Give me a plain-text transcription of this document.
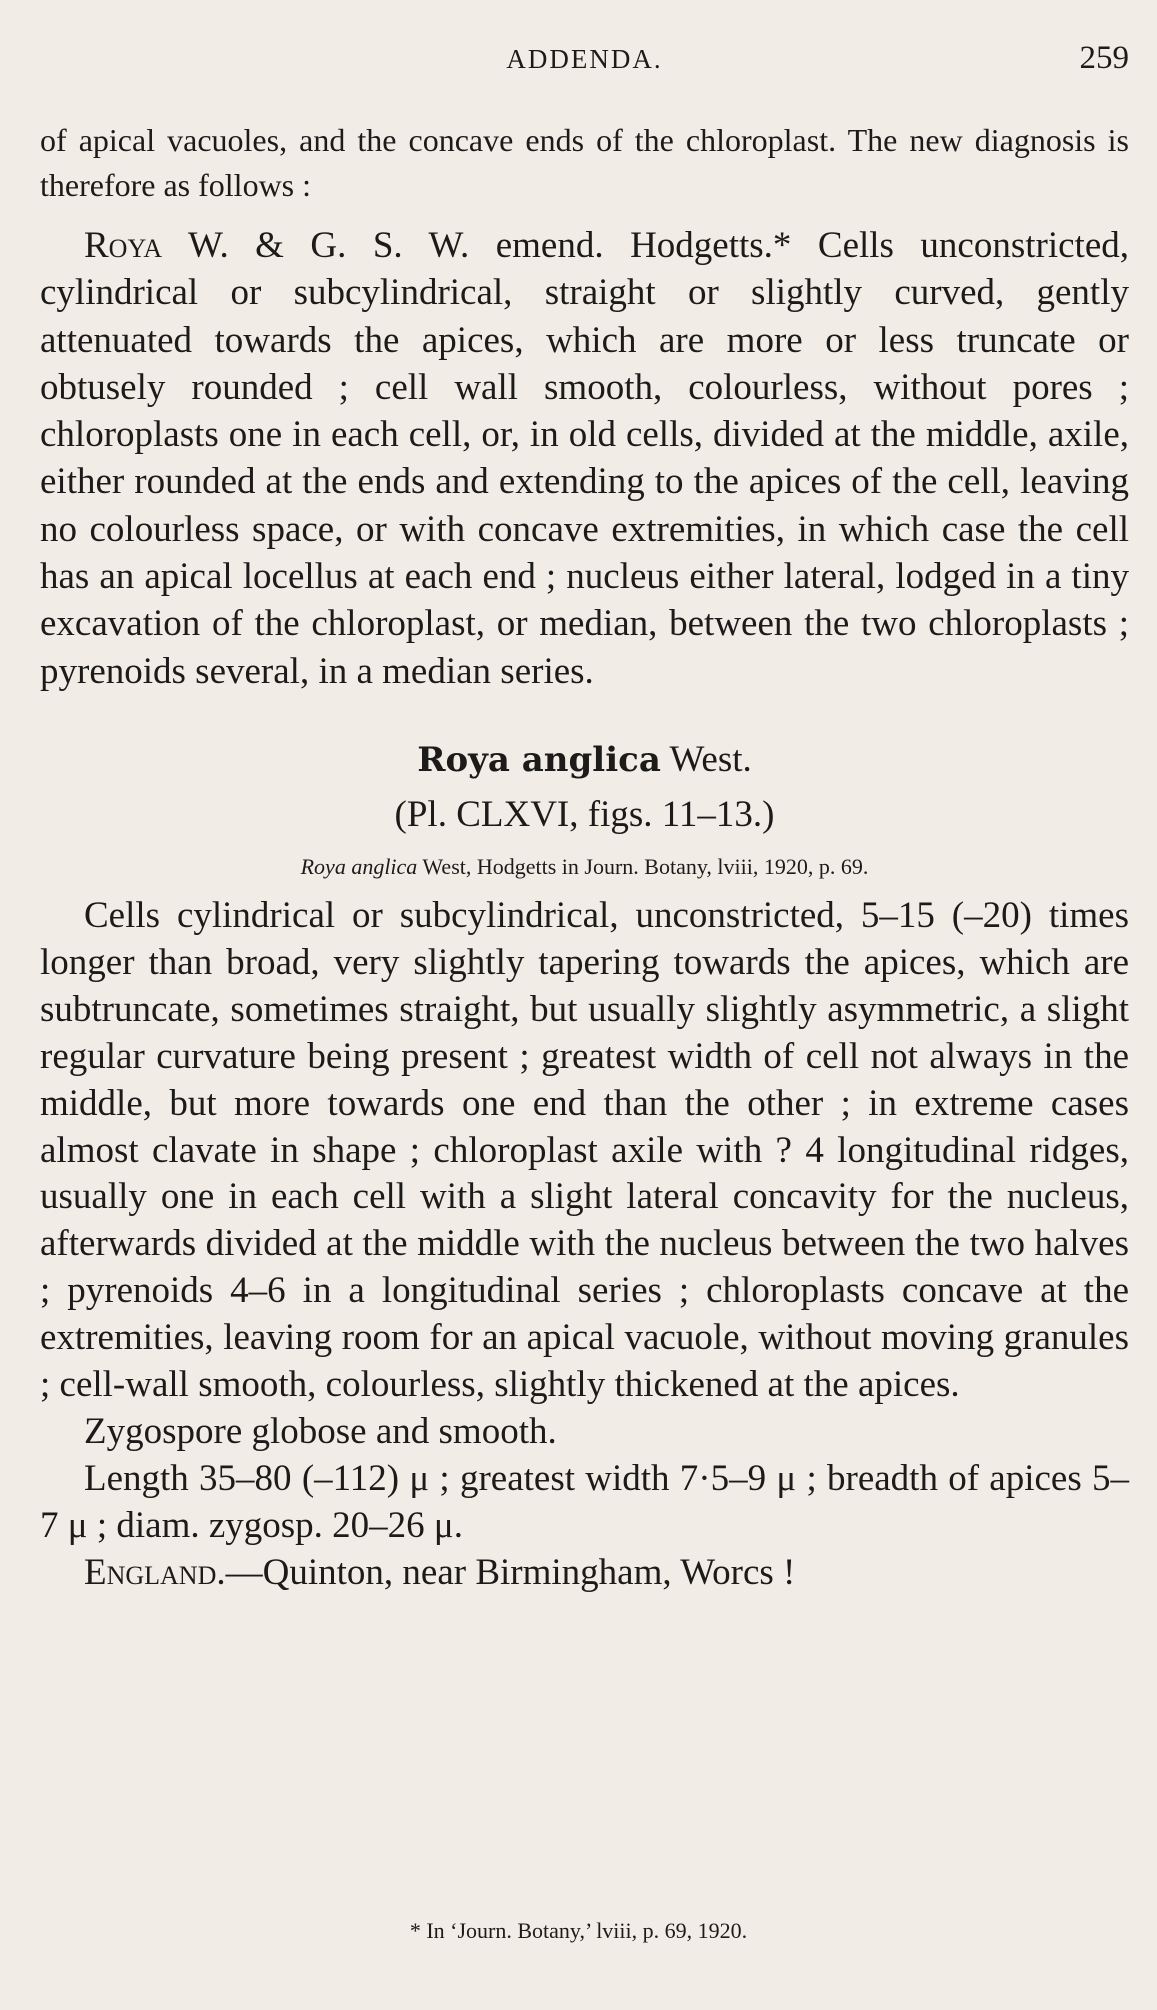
ADDENDA.	259

of apical vacuoles, and the concave ends of the chloroplast. The new diagnosis is therefore as follows :

Roya W. & G. S. W. emend. Hodgetts.* Cells unconstricted, cylindrical or subcylindrical, straight or slightly curved, gently attenuated towards the apices, which are more or less truncate or obtusely rounded ; cell wall smooth, colourless, without pores ; chloroplasts one in each cell, or, in old cells, divided at the middle, axile, either rounded at the ends and extending to the apices of the cell, leaving no colourless space, or with concave extremities, in which case the cell has an apical locellus at each end ; nucleus either lateral, lodged in a tiny excavation of the chloroplast, or median, between the two chloroplasts ; pyrenoids several, in a median series.

Roya anglica West.
(Pl. CLXVI, figs. 11–13.)
Roya anglica West, Hodgetts in Journ. Botany, lviii, 1920, p. 69.

Cells cylindrical or subcylindrical, unconstricted, 5–15 (–20) times longer than broad, very slightly tapering towards the apices, which are subtruncate, sometimes straight, but usually slightly asymmetric, a slight regular curvature being present ; greatest width of cell not always in the middle, but more towards one end than the other ; in extreme cases almost clavate in shape ; chloroplast axile with ? 4 longitudinal ridges, usually one in each cell with a slight lateral concavity for the nucleus, afterwards divided at the middle with the nucleus between the two halves ; pyrenoids 4–6 in a longitudinal series ; chloroplasts concave at the extremities, leaving room for an apical vacuole, without moving granules ; cell-wall smooth, colourless, slightly thickened at the apices.

Zygospore globose and smooth.

Length 35–80 (–112) μ ; greatest width 7·5–9 μ ; breadth of apices 5–7 μ ; diam. zygosp. 20–26 μ.

England.—Quinton, near Birmingham, Worcs !

* In ‘Journ. Botany,’ lviii, p. 69, 1920.
